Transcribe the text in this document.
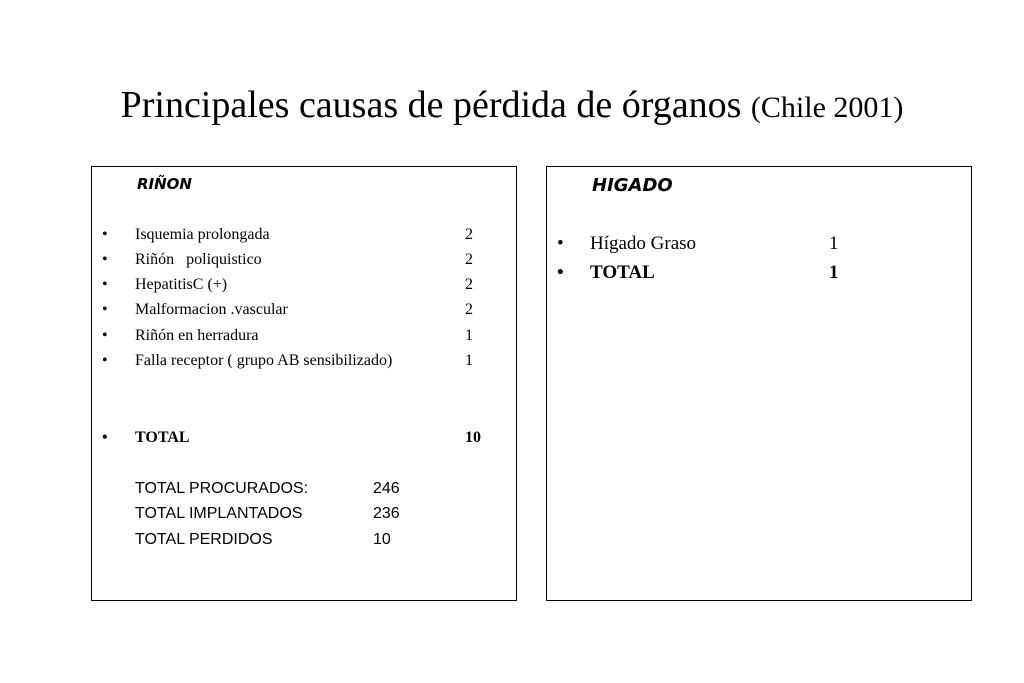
Principales causas de pérdida de órganos (Chile 2001)
RIÑON
• Isquemia prolongada	2
• Riñón   poliquistico	2
• HepatitisC (+)	2
• Malformacion .vascular	2
• Riñón en herradura	1
• Falla receptor ( grupo AB sensibilizado)	1
• TOTAL	10
TOTAL PROCURADOS:	246
TOTAL IMPLANTADOS	236
TOTAL PERDIDOS	10
HIGADO
• Hígado Graso	1
• TOTAL	1
